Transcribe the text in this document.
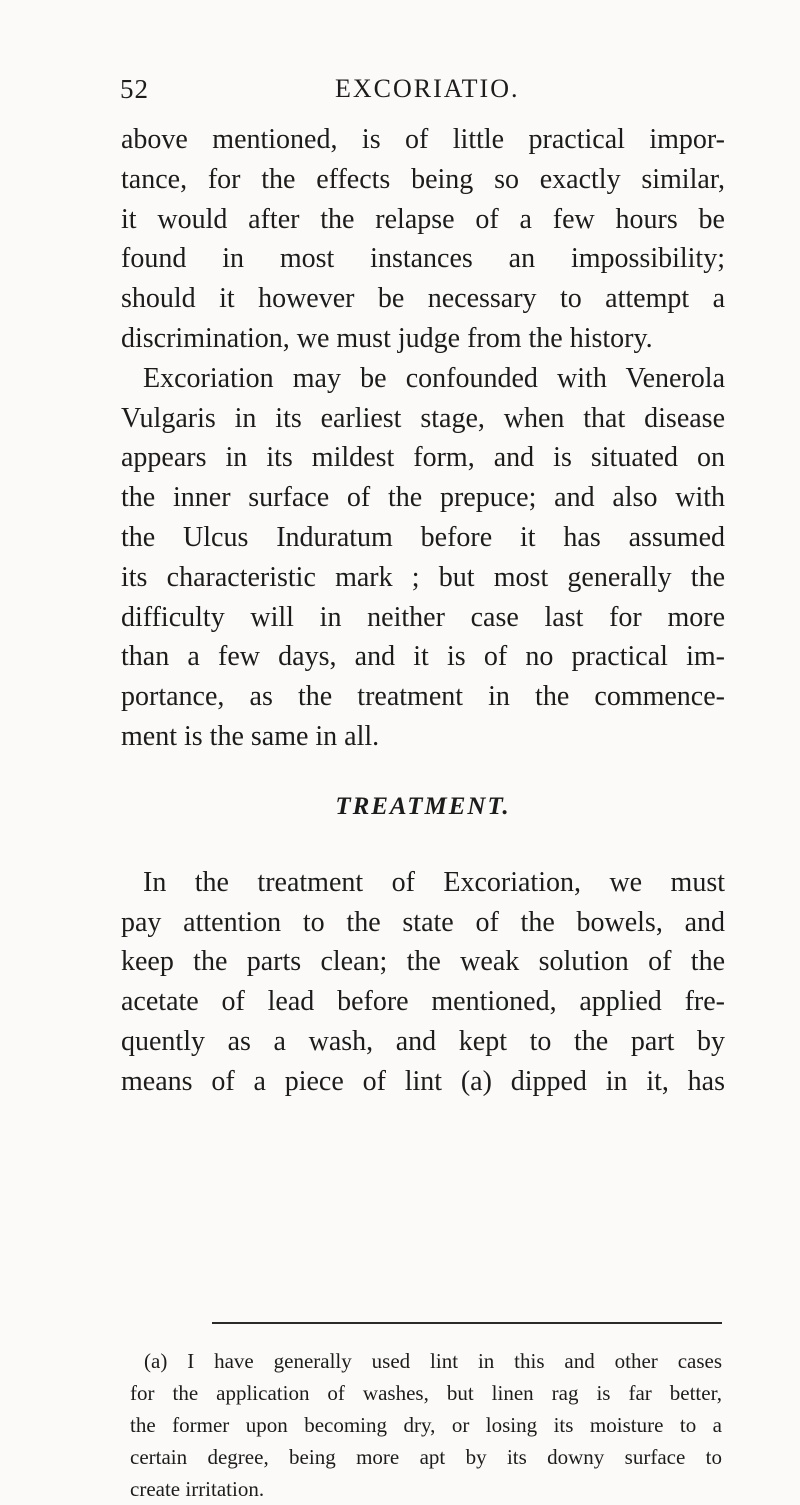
52	EXCORIATIO.
above mentioned, is of little practical impor-
tance, for the effects being so exactly similar,
it would after the relapse of a few hours be
found in most instances an impossibility;
should it however be necessary to attempt a
discrimination, we must judge from the history.
Excoriation may be confounded with Venerola
Vulgaris in its earliest stage, when that disease
appears in its mildest form, and is situated on
the inner surface of the prepuce; and also with
the Ulcus Induratum before it has assumed
its characteristic mark ; but most generally the
difficulty will in neither case last for more
than a few days, and it is of no practical im-
portance, as the treatment in the commence-
ment is the same in all.
TREATMENT.
In the treatment of Excoriation, we must
pay attention to the state of the bowels, and
keep the parts clean; the weak solution of the
acetate of lead before mentioned, applied fre-
quently as a wash, and kept to the part by
means of a piece of lint (a) dipped in it, has
(a) I have generally used lint in this and other cases
for the application of washes, but linen rag is far better,
the former upon becoming dry, or losing its moisture to a
certain degree, being more apt by its downy surface to
create irritation.
